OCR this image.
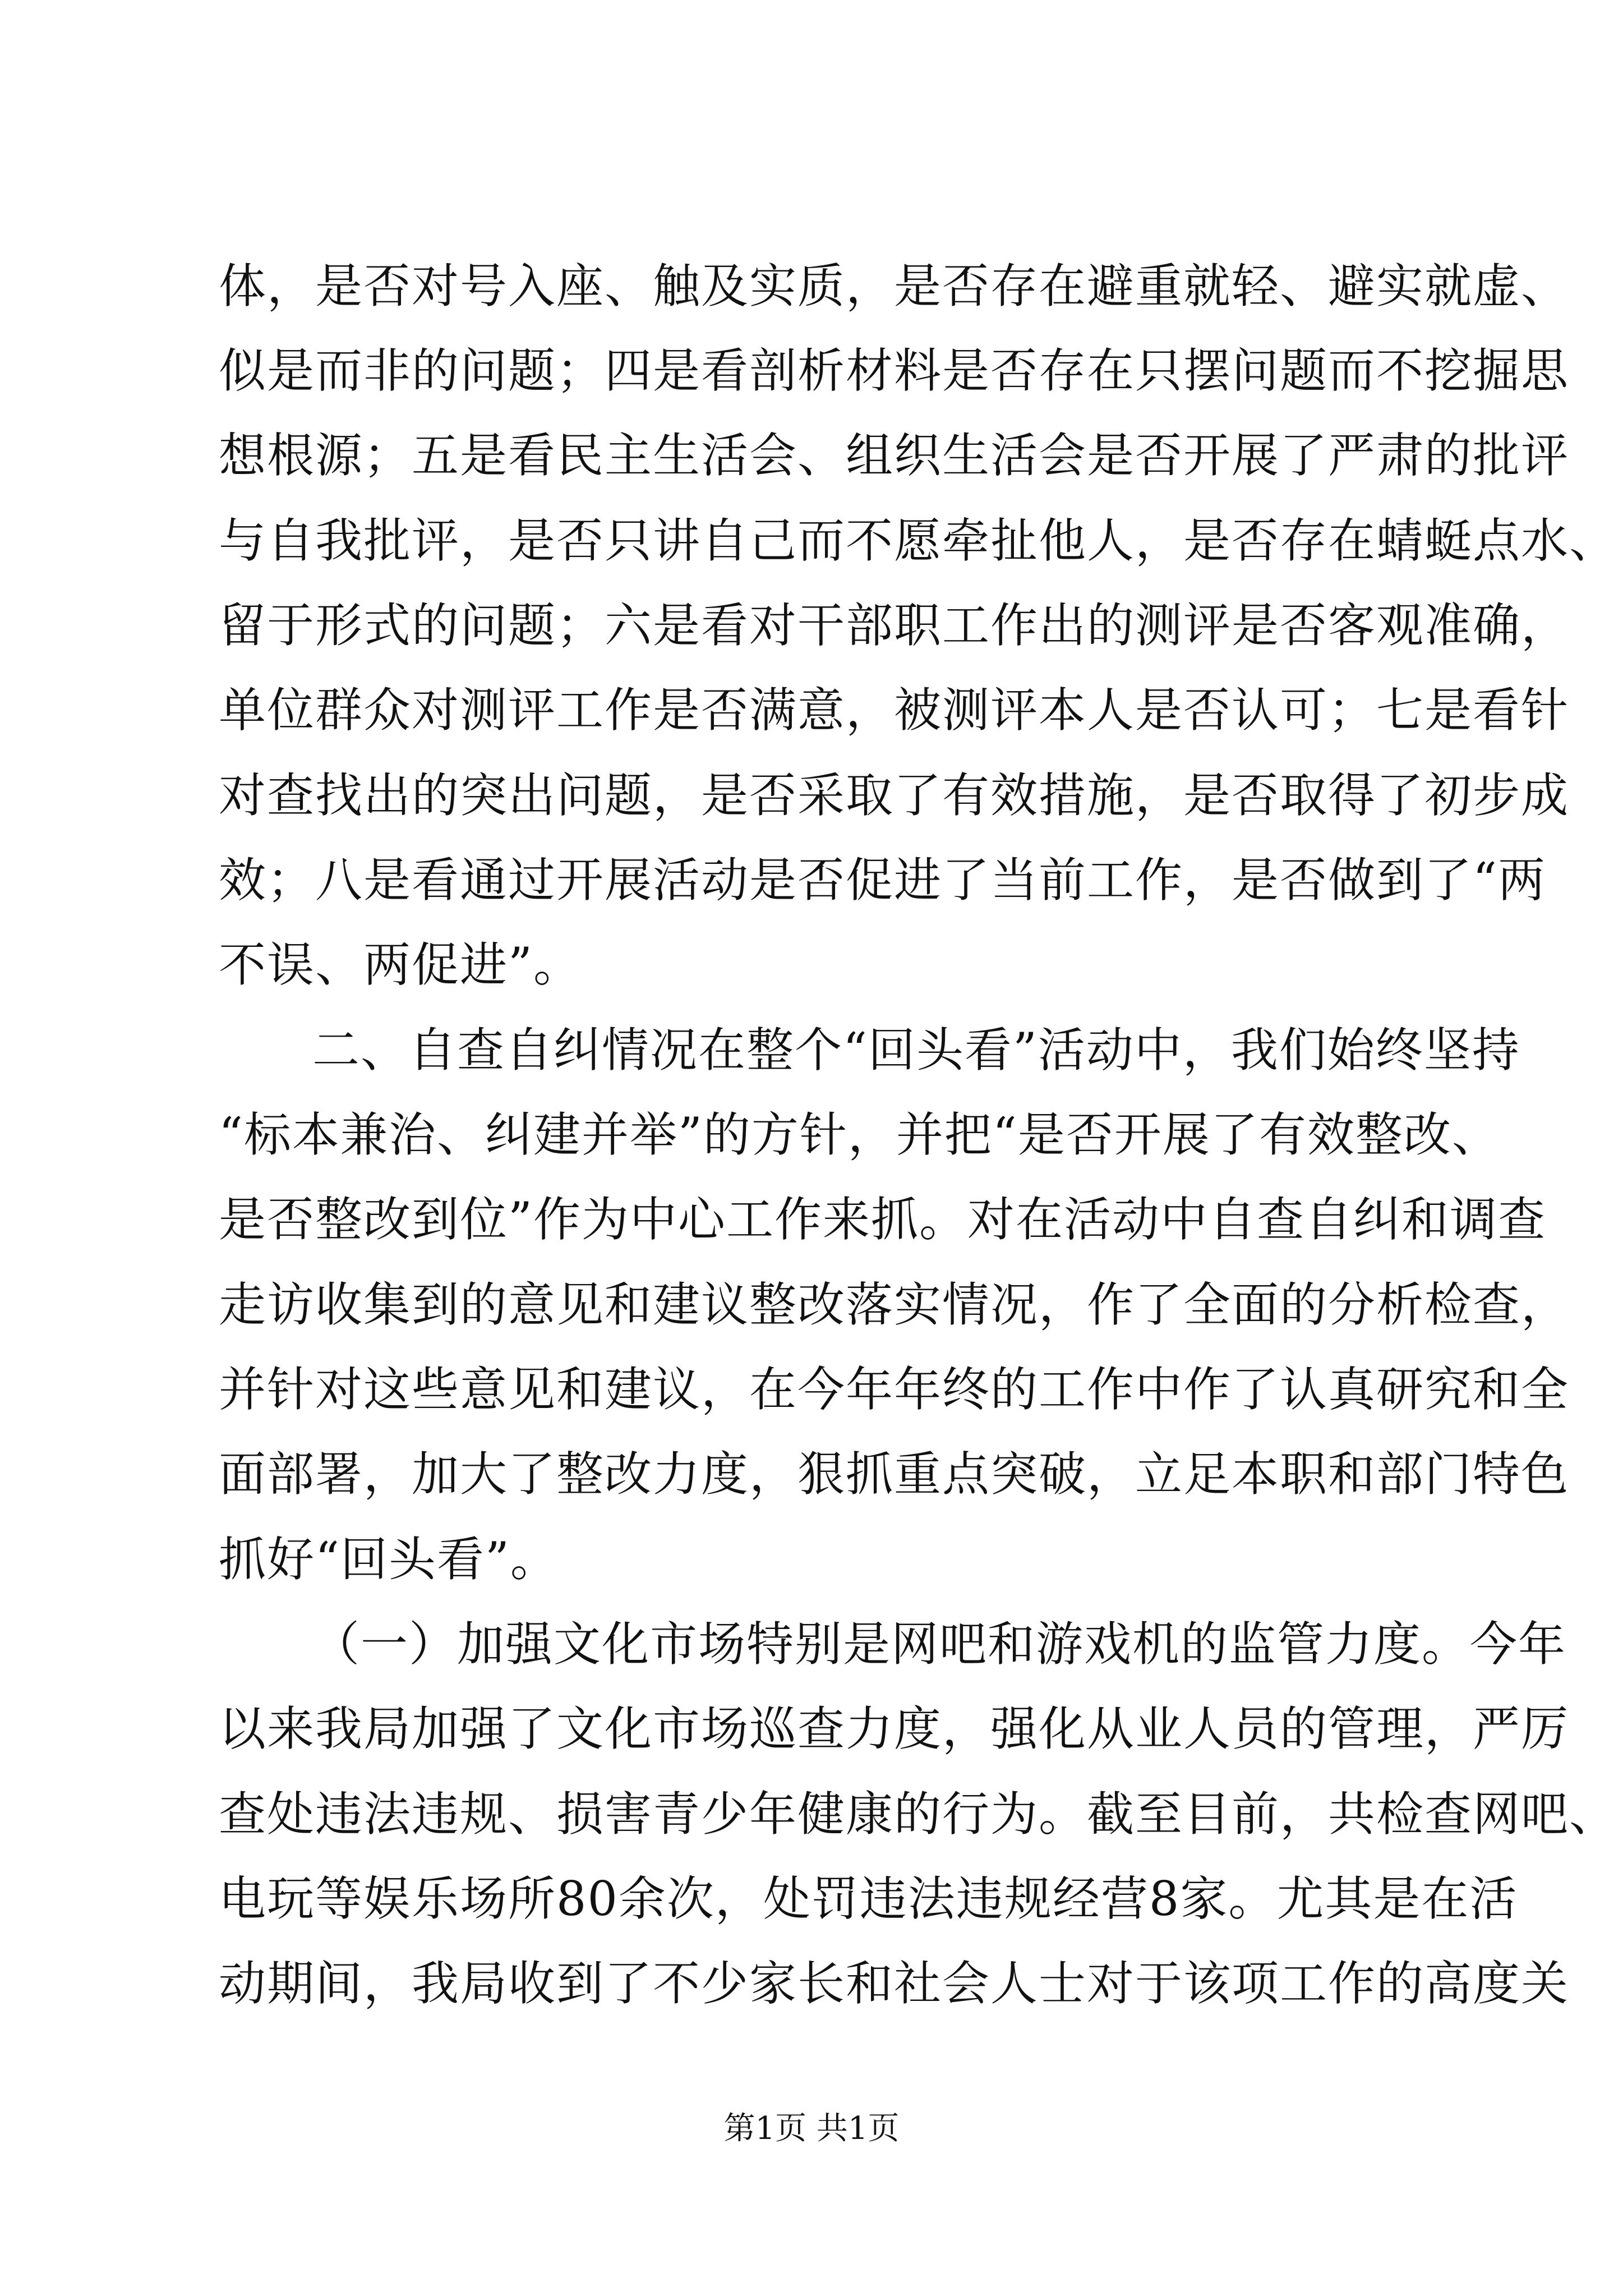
体，是否对号入座、触及实质，是否存在避重就轻、避实就虚、
似是而非的问题；四是看剖析材料是否存在只摆问题而不挖掘思
想根源；五是看民主生活会、组织生活会是否开展了严肃的批评
与自我批评，是否只讲自己而不愿牵扯他人，是否存在蜻蜓点水、
留于形式的问题；六是看对干部职工作出的测评是否客观准确，
单位群众对测评工作是否满意，被测评本人是否认可；七是看针
对查找出的突出问题，是否采取了有效措施，是否取得了初步成
效；八是看通过开展活动是否促进了当前工作，是否做到了“两
不误、两促进”。
二、自查自纠情况在整个“回头看”活动中，我们始终坚持
“标本兼治、纠建并举”的方针，并把“是否开展了有效整改、
是否整改到位”作为中心工作来抓。对在活动中自查自纠和调查
走访收集到的意见和建议整改落实情况，作了全面的分析检查，
并针对这些意见和建议，在今年年终的工作中作了认真研究和全
面部署，加大了整改力度，狠抓重点突破，立足本职和部门特色
抓好“回头看”。
（一）加强文化市场特别是网吧和游戏机的监管力度。今年
以来我局加强了文化市场巡查力度，强化从业人员的管理，严厉
查处违法违规、损害青少年健康的行为。截至目前，共检查网吧、
电玩等娱乐场所80余次，处罚违法违规经营8家。尤其是在活
动期间，我局收到了不少家长和社会人士对于该项工作的高度关
第1页 共1页
